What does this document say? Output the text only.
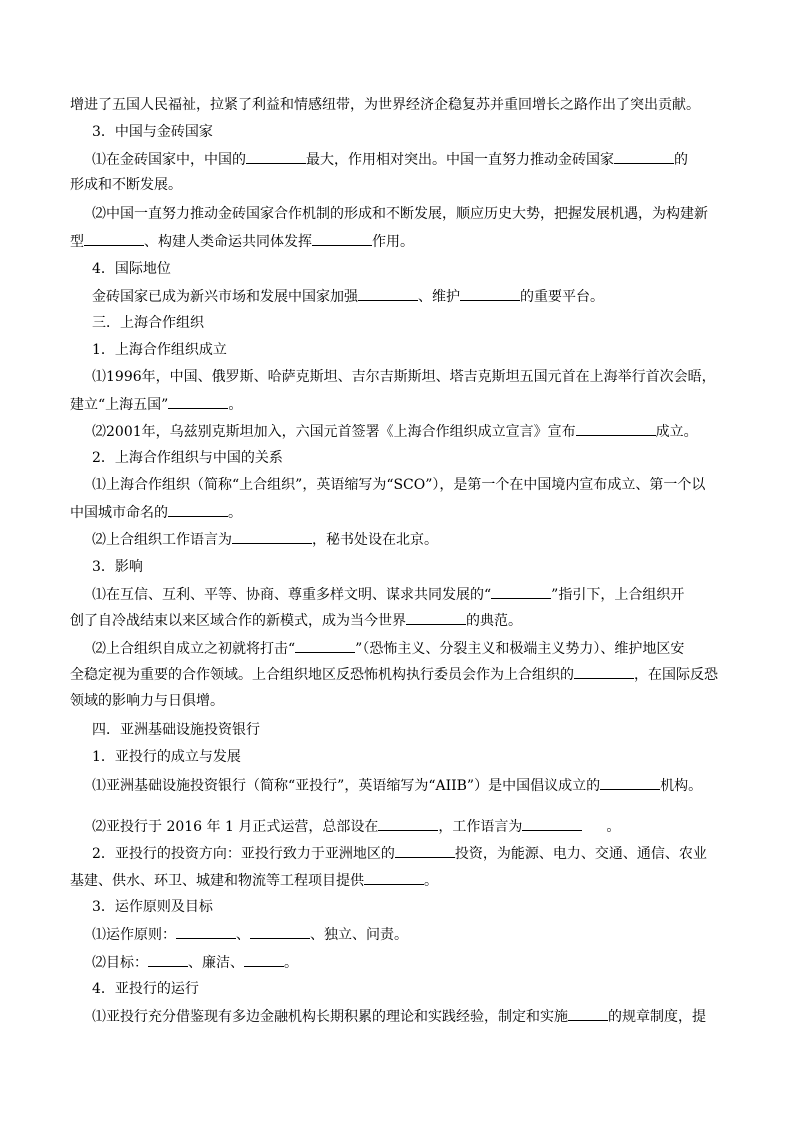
增进了五国人民福祉，拉紧了利益和情感纽带，为世界经济企稳复苏并重回增长之路作出了突出贡献。
3．中国与金砖国家
⑴在金砖国家中，中国的	最大，作用相对突出。中国一直努力推动金砖国家	的
形成和不断发展。
⑵中国一直努力推动金砖国家合作机制的形成和不断发展，顺应历史大势，把握发展机遇，为构建新
型	、构建人类命运共同体发挥	作用。
4．国际地位
金砖国家已成为新兴市场和发展中国家加强	、维护	的重要平台。
三．上海合作组织
1．上海合作组织成立
⑴1996年，中国、俄罗斯、哈萨克斯坦、吉尔吉斯斯坦、塔吉克斯坦五国元首在上海举行首次会晤，
建立“上海五国”	。
⑵2001年，乌兹别克斯坦加入，六国元首签署《上海合作组织成立宣言》宣布	成立。
2．上海合作组织与中国的关系
⑴上海合作组织（简称“上合组织”，英语缩写为“SCO”），是第一个在中国境内宣布成立、第一个以
中国城市命名的	。
⑵上合组织工作语言为	，秘书处设在北京。
3．影响
⑴在互信、互利、平等、协商、尊重多样文明、谋求共同发展的“	”指引下，上合组织开
创了自冷战结束以来区域合作的新模式，成为当今世界	的典范。
⑵上合组织自成立之初就将打击“	”（恐怖主义、分裂主义和极端主义势力）、维护地区安
全稳定视为重要的合作领域。上合组织地区反恐怖机构执行委员会作为上合组织的	，在国际反恐
领域的影响力与日俱增。
四．亚洲基础设施投资银行
1．亚投行的成立与发展
⑴亚洲基础设施投资银行（简称“亚投行”，英语缩写为“AIIB”）是中国倡议成立的	机构。
⑵亚投行于 2016 年 1 月正式运营，总部设在	，工作语言为	。
2．亚投行的投资方向：亚投行致力于亚洲地区的	投资，为能源、电力、交通、通信、农业
基建、供水、环卫、城建和物流等工程项目提供	。
3．运作原则及目标
⑴运作原则：	、	、独立、问责。
⑵目标：	、廉洁、	。
4．亚投行的运行
⑴亚投行充分借鉴现有多边金融机构长期积累的理论和实践经验，制定和实施	的规章制度，提
